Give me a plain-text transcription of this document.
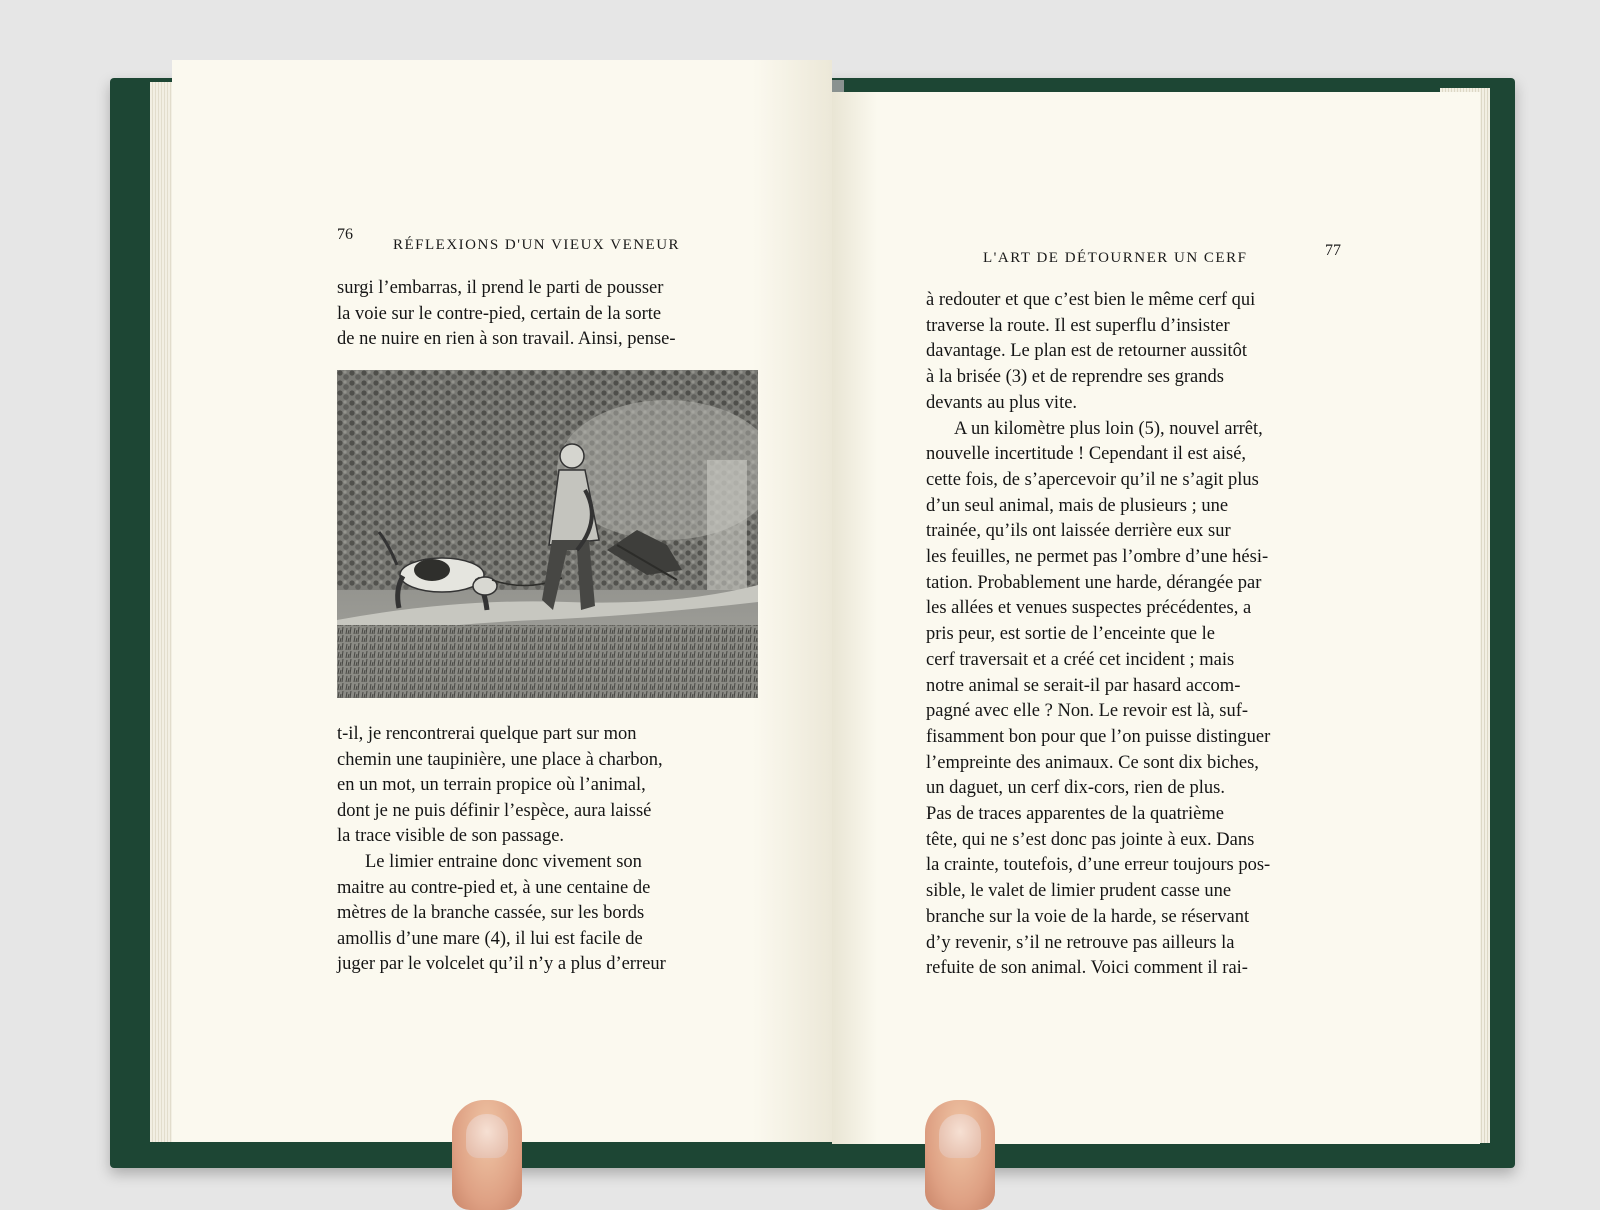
76
RÉFLEXIONS D'UN VIEUX VENEUR

surgi l’embarras, il prend le parti de pousser

la voie sur le contre-pied, certain de la sorte

de ne nuire en rien à son travail. Ainsi, pense-

t-il, je rencontrerai quelque part sur mon

chemin une taupinière, une place à charbon,

en un mot, un terrain propice où l’animal,

dont je ne puis définir l’espèce, aura laissé

la trace visible de son passage.

Le limier entraine donc vivement son

maitre au contre-pied et, à une centaine de

mètres de la branche cassée, sur les bords

amollis d’une mare (4), il lui est facile de

juger par le volcelet qu’il n’y a plus d’erreur

L'ART DE DÉTOURNER UN CERF	77

à redouter et que c’est bien le même cerf qui

traverse la route. Il est superflu d’insister

davantage. Le plan est de retourner aussitôt

à la brisée (3) et de reprendre ses grands

devants au plus vite.

A un kilomètre plus loin (5), nouvel arrêt,

nouvelle incertitude ! Cependant il est aisé,

cette fois, de s’apercevoir qu’il ne s’agit plus

d’un seul animal, mais de plusieurs ; une

trainée, qu’ils ont laissée derrière eux sur

les feuilles, ne permet pas l’ombre d’une hési-

tation. Probablement une harde, dérangée par

les allées et venues suspectes précédentes, a

pris peur, est sortie de l’enceinte que le

cerf traversait et a créé cet incident ; mais

notre animal se serait-il par hasard accom-

pagné avec elle ? Non. Le revoir est là, suf-

fisamment bon pour que l’on puisse distinguer

l’empreinte des animaux. Ce sont dix biches,

un daguet, un cerf dix-cors, rien de plus.

Pas de traces apparentes de la quatrième

tête, qui ne s’est donc pas jointe à eux. Dans

la crainte, toutefois, d’une erreur toujours pos-

sible, le valet de limier prudent casse une

branche sur la voie de la harde, se réservant

d’y revenir, s’il ne retrouve pas ailleurs la

refuite de son animal. Voici comment il rai-
